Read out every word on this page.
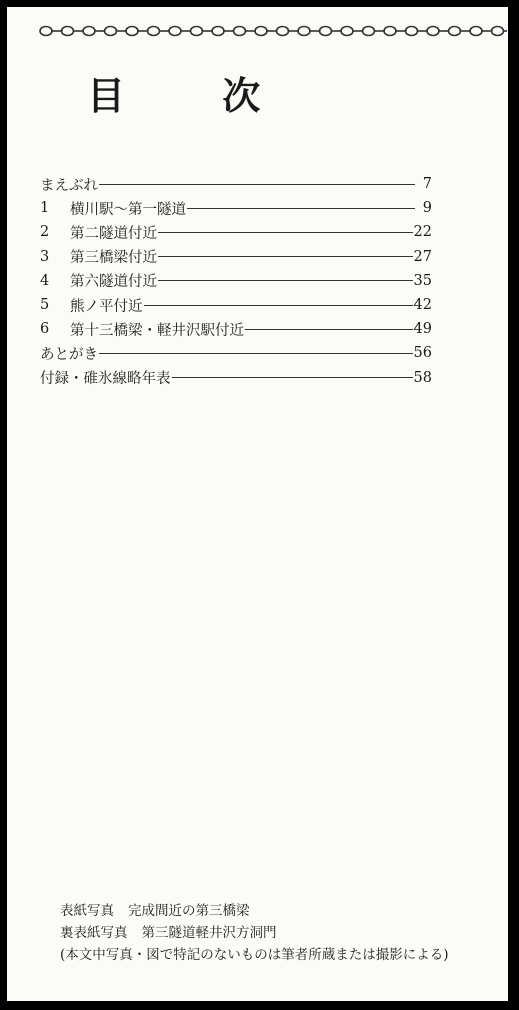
目 次
まえぶれ	7
1	横川駅～第一隧道	9
2	第二隧道付近	22
3	第三橋梁付近	27
4	第六隧道付近	35
5	熊ノ平付近	42
6	第十三橋梁・軽井沢駅付近	49
あとがき	56
付録・碓氷線略年表	58
表紙写真 完成間近の第三橋梁
裏表紙写真 第三隧道軽井沢方洞門
(本文中写真・図で特記のないものは筆者所蔵または撮影による)
